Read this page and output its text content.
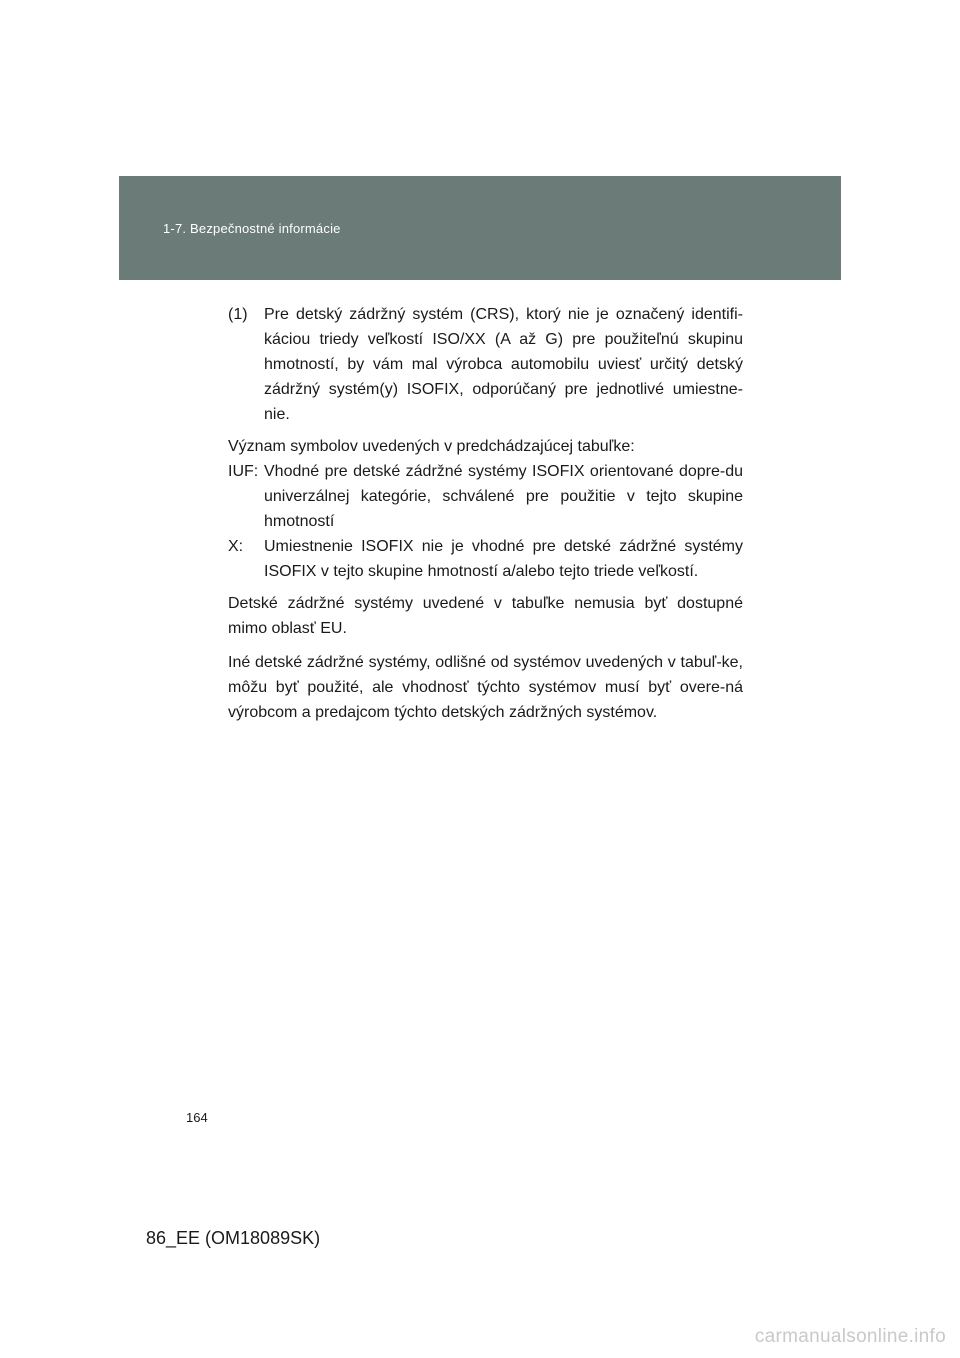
1-7. Bezpečnostné informácie
(1)	Pre detský zádržný systém (CRS), ktorý nie je označený identifi-káciou triedy veľkostí ISO/XX (A až G) pre použiteľnú skupinu hmotností, by vám mal výrobca automobilu uviesť určitý detský zádržný systém(y) ISOFIX, odporúčaný pre jednotlivé umiestne-nie.

Význam symbolov uvedených v predchádzajúcej tabuľke:

IUF: Vhodné pre detské zádržné systémy ISOFIX orientované dopre-du univerzálnej kategórie, schválené pre použitie v tejto skupine hmotností
X:	Umiestnenie ISOFIX nie je vhodné pre detské zádržné systémy ISOFIX v tejto skupine hmotností a/alebo tejto triede veľkostí.

Detské zádržné systémy uvedené v tabuľke nemusia byť dostupné mimo oblasť EU.

Iné detské zádržné systémy, odlišné od systémov uvedených v tabuľ-ke, môžu byť použité, ale vhodnosť týchto systémov musí byť overe-ná výrobcom a predajcom týchto detských zádržných systémov.

164
86_EE (OM18089SK)
carmanualsonline.info
